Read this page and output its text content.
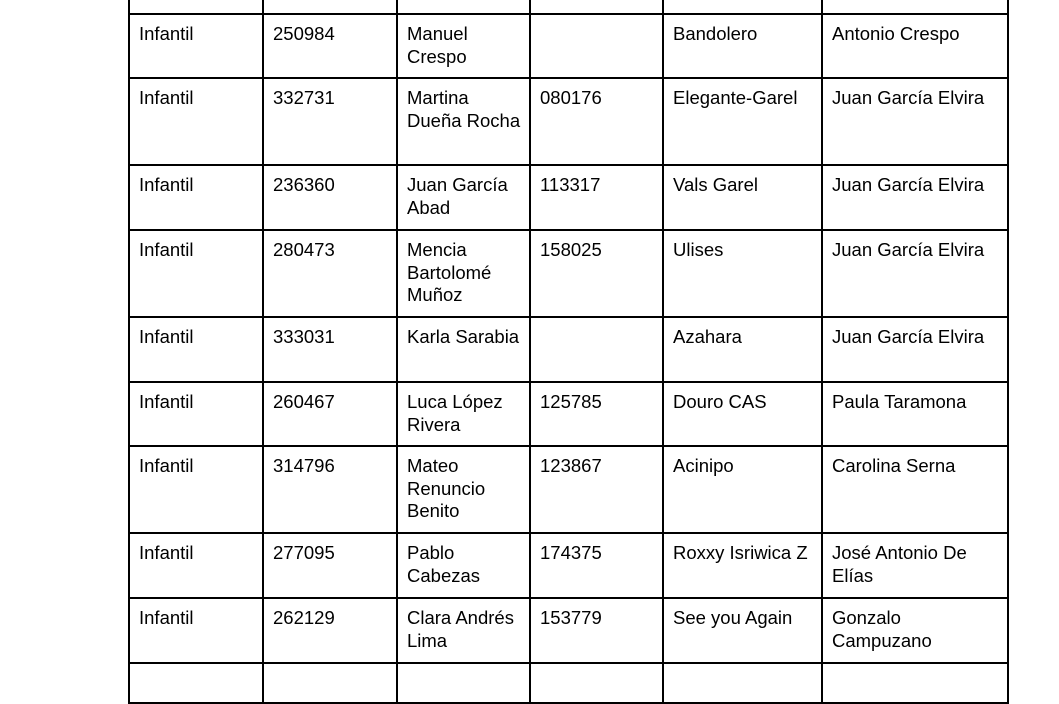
Infantil	250984	Manuel Crespo		Bandolero	Antonio Crespo
Infantil	332731	Martina Dueña Rocha	080176	Elegante-Garel	Juan García Elvira
Infantil	236360	Juan García Abad	113317	Vals Garel	Juan García Elvira
Infantil	280473	Mencia Bartolomé Muñoz	158025	Ulises	Juan García Elvira
Infantil	333031	Karla Sarabia		Azahara	Juan García Elvira
Infantil	260467	Luca López Rivera	125785	Douro CAS	Paula Taramona
Infantil	314796	Mateo Renuncio Benito	123867	Acinipo	Carolina Serna
Infantil	277095	Pablo Cabezas	174375	Roxxy Isriwica Z	José Antonio De Elías
Infantil	262129	Clara Andrés Lima	153779	See you Again	Gonzalo Campuzano
